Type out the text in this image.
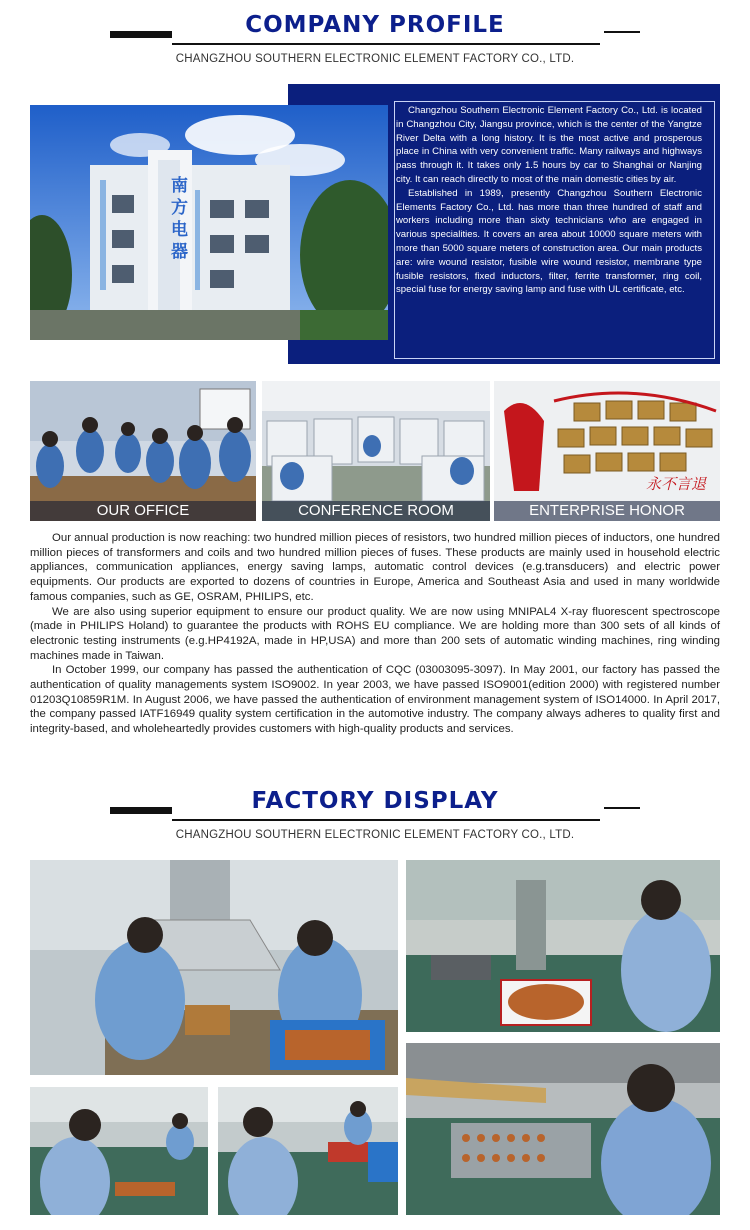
COMPANY PROFILE
CHANGZHOU SOUTHERN ELECTRONIC ELEMENT FACTORY CO., LTD.
南方电器

Changzhou Southern Electronic Element Factory Co., Ltd. is located in Changzhou City, Jiangsu province, which is the center of the Yangtze River Delta with a long history. It is the most active and prosperous place in China with very convenient traffic. Many railways and highways pass through it. It takes only 1.5 hours by car to Shanghai or Nanjing city. It can reach directly to most of the main domestic cities by air.

Established in 1989, presently Changzhou Southern Electronic Elements Factory Co., Ltd. has more than three hundred of staff and workers including more than sixty technicians who are engaged in various specialities. It covers an area about 10000 square meters with more than 5000 square meters of construction area. Our main products are: wire wound resistor, fusible wire wound resistor, membrane type fusible resistors, fixed inductors, filter, ferrite transformer, ring coil, special fuse for energy saving lamp and fuse with UL certificate, etc.

OUR OFFICE	CONFERENCE ROOM
永不言退
ENTERPRISE HONOR

Our annual production is now reaching: two hundred million pieces of resistors, two hundred million pieces of inductors, one hundred million pieces of transformers and coils and two hundred million pieces of fuses. These products are mainly used in household electric appliances, communication appliances, energy saving lamps, automatic control devices (e.g.transducers) and electric power equipments. Our products are exported to dozens of countries in Europe, America and Southeast Asia and used in many worldwide famous companies, such as GE, OSRAM, PHILIPS, etc.

We are also using superior equipment to ensure our product quality. We are now using MNIPAL4 X-ray fluorescent spectroscope (made in PHILIPS Holand) to guarantee the products with ROHS EU compliance. We are holding more than 300 sets of all kinds of electronic testing instruments (e.g.HP4192A, made in HP,USA) and more than 200 sets of automatic winding machines, ring winding machines made in Taiwan.

In October 1999, our company has passed the authentication of CQC (03003095-3097). In May 2001, our factory has passed the authentication of quality managements system ISO9002. In year 2003, we have passed ISO9001(edition 2000) with registered number 01203Q10859R1M. In August 2006, we have passed the authentication of environment management system of ISO14000. In April 2017, the company passed IATF16949 quality system certification in the automotive industry. The company always adheres to quality first and integrity-based, and wholeheartedly provides customers with high-quality products and services.

FACTORY DISPLAY
CHANGZHOU SOUTHERN ELECTRONIC ELEMENT FACTORY CO., LTD.
